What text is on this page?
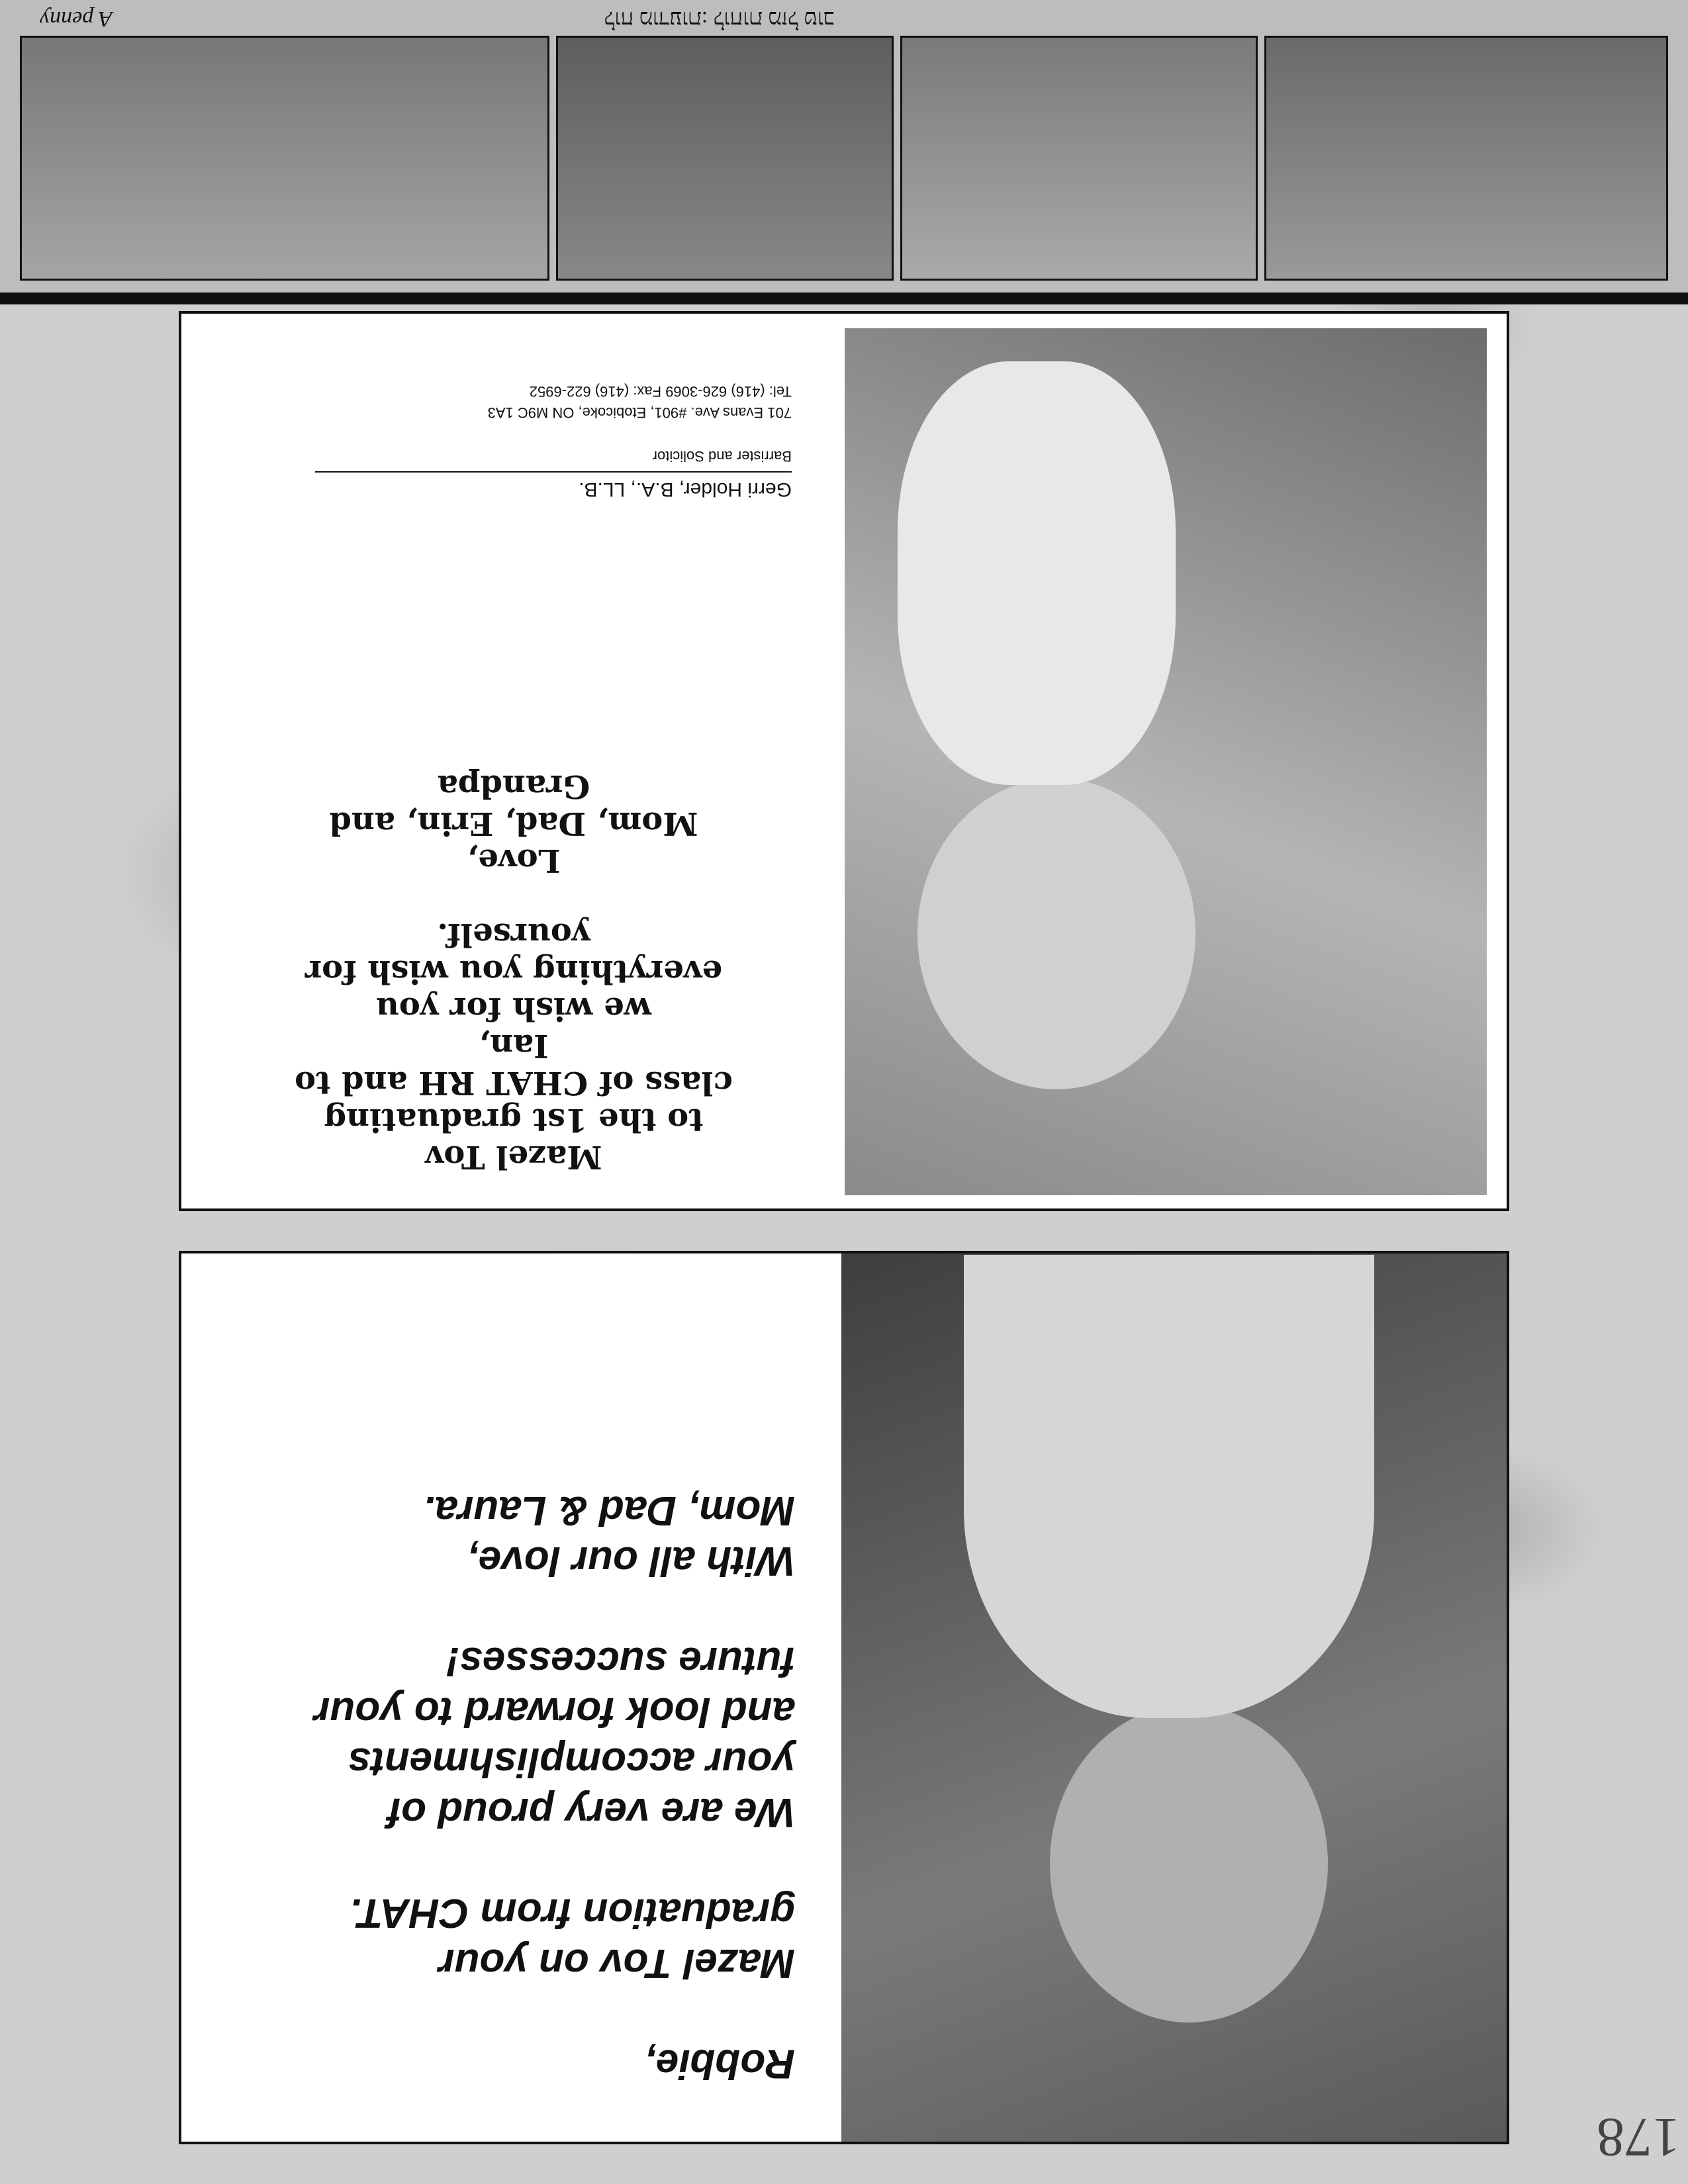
Robbie,
Mazel Tov on your
graduation from CHAT.
We are very proud of
your accomplishments
and look forward to your
future successes!
With all our love,
Mom, Dad & Laura.
Mazel Tov
to the 1st graduating
class of CHAT RH and to
Ian,
we wish for you
everything you wish for
yourself.
Love,
Mom, Dad, Erin, and
Grandpa
Gerri Holder, B.A., LL.B.
Barrister and Solicitor
701 Evans Ave. #901, Etobicoke, ON M9C 1A3
Tel: (416) 626-3069 Fax: (416) 622-6952
לוח מודעות: לוחות מזל טוב
A penny
178
